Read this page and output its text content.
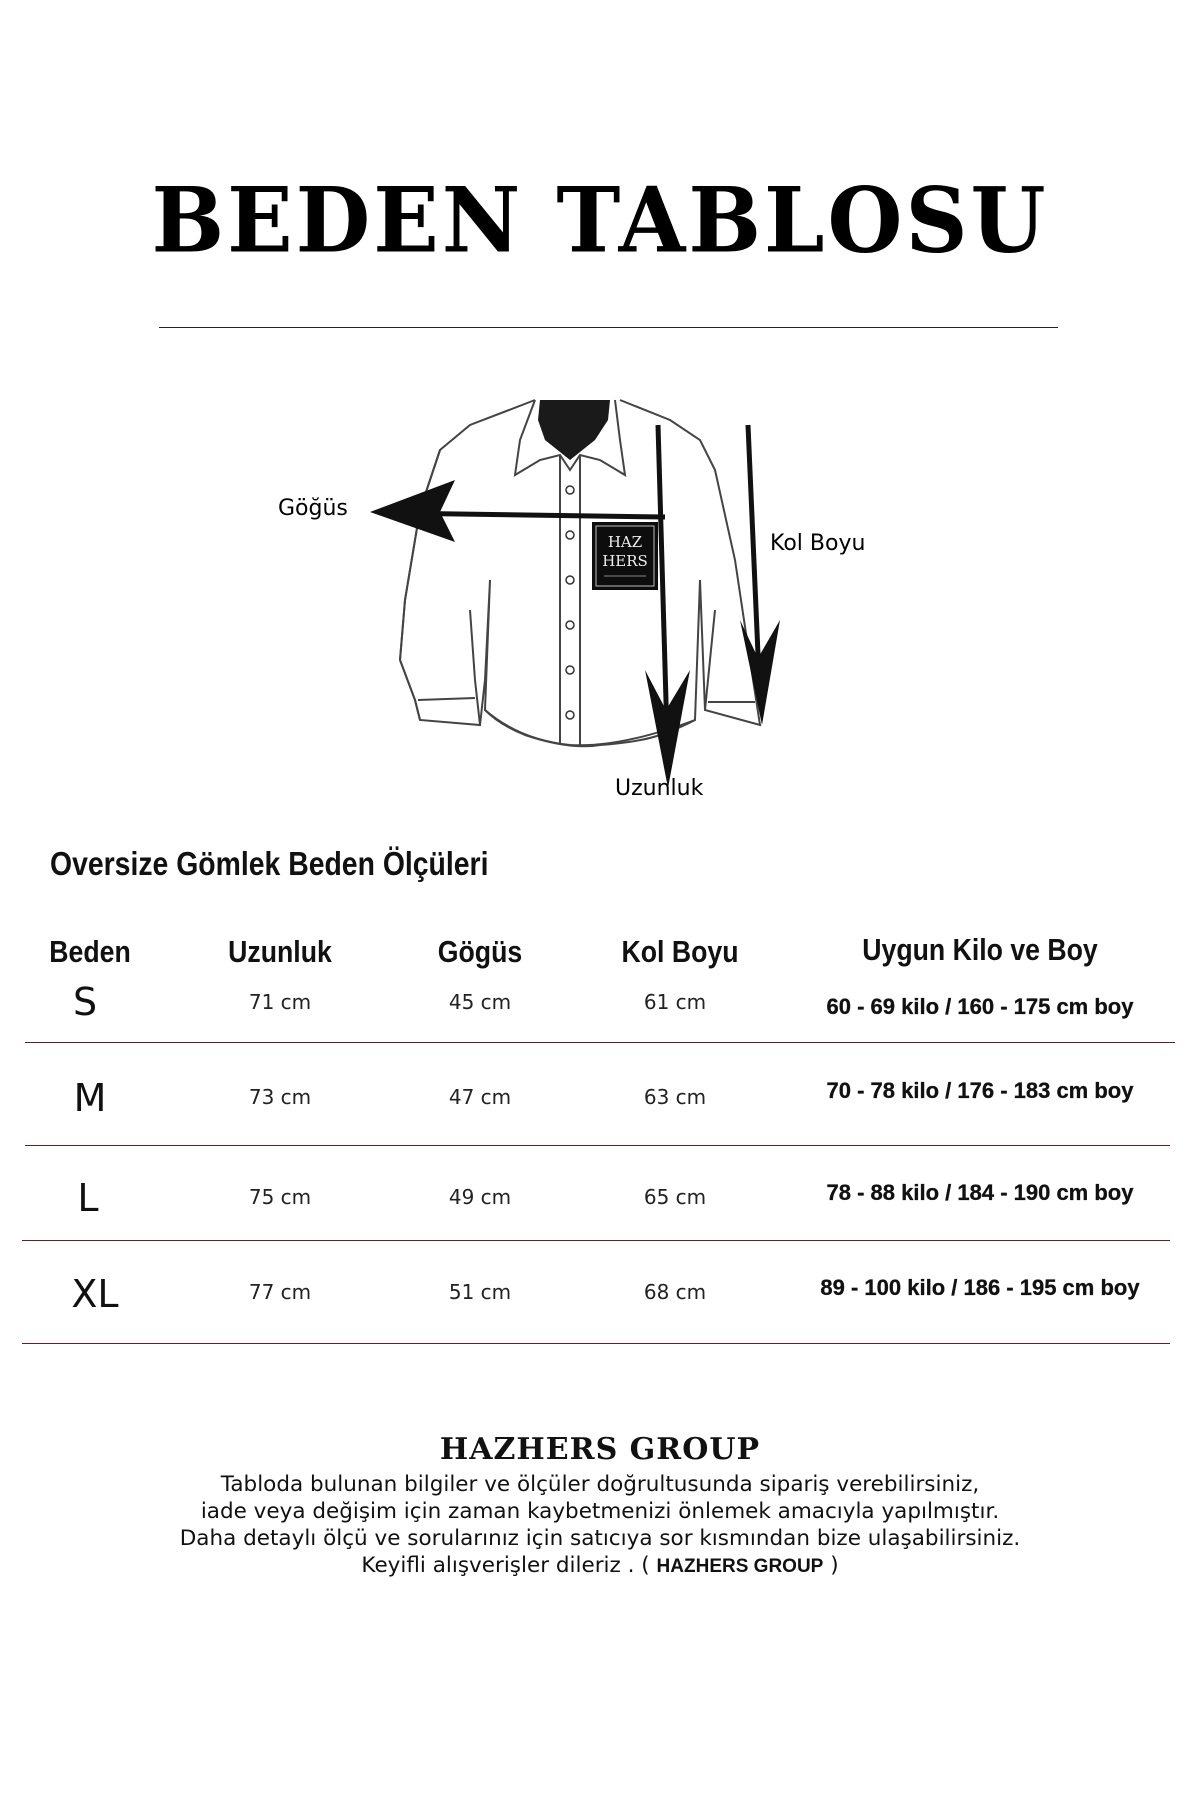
BEDEN TABLOSU
HAZ
HERS
Göğüs
Kol Boyu
Uzunluk
Oversize Gömlek Beden Ölçüleri
Beden	Uzunluk	Gögüs	Kol Boyu	Uygun Kilo ve Boy
S	71 cm	45 cm	61 cm	60 - 69 kilo / 160 - 175 cm boy
M	73 cm	47 cm	63 cm	70 - 78 kilo / 176 - 183 cm boy
L	75 cm	49 cm	65 cm	78 - 88 kilo / 184 - 190 cm boy
XL	77 cm	51 cm	68 cm	89 - 100 kilo / 186 - 195 cm boy
HAZHERS GROUP
Tabloda bulunan bilgiler ve ölçüler doğrultusunda sipariş verebilirsiniz,
iade veya değişim için zaman kaybetmenizi önlemek amacıyla yapılmıştır.
Daha detaylı ölçü ve sorularınız için satıcıya sor kısmından bize ulaşabilirsiniz.
Keyifli alışverişler dileriz . ( HAZHERS GROUP )
